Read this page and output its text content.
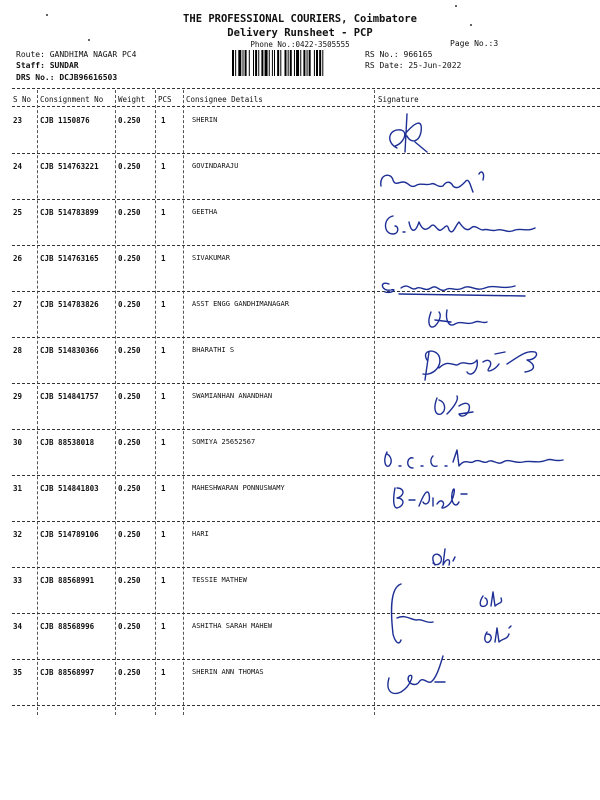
THE PROFESSIONAL COURIERS, Coimbatore
Delivery Runsheet - PCP
Phone No.:0422-3505555	Page No.:3
Route: GANDHIMA NAGAR PC4
Staff: SUNDAR
DRS No.: DCJB96616503
RS No.: 966165
RS Date: 25-Jun-2022
S No Consignment No Weight PCS Consignee Details	Signature
23 CJB 1150876	0.250	1	SHERIN
24 CJB 514763221	0.250	1	GOVINDARAJU
25 CJB 514783899	0.250	1	GEETHA
26 CJB 514763165	0.250	1	SIVAKUMAR
27 CJB 514783826	0.250	1	ASST ENGG GANDHIMANAGAR
28 CJB 514830366	0.250	1	BHARATHI S
29 CJB 514841757	0.250	1	SWAMIANHAN ANANDHAN
30 CJB 88538018	0.250	1	SOMIYA 25652567
31 CJB 514841803	0.250	1	MAHESHWARAN PONNUSWAMY
32 CJB 514789106	0.250	1	HARI
33 CJB 88568991	0.250	1	TESSIE MATHEW
34 CJB 88568996	0.250	1	ASHITHA SARAH MAHEW
35 CJB 88568997	0.250	1	SHERIN ANN THOMAS
